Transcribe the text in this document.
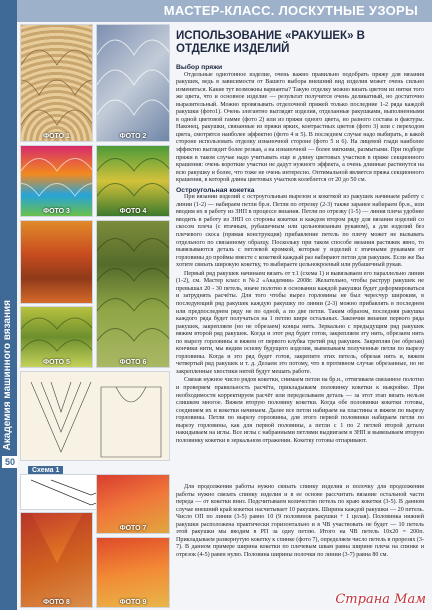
МАСТЕР-КЛАСС. ЛОСКУТНЫЕ УЗОРЫ
Академия машинного вязания
50
ФОТО 1	ФОТО 2
ФОТО 3	ФОТО 4
ФОТО 5	ФОТО 6
Схема 1
ФОТО 7
ФОТО 8	ФОТО 9
ИСПОЛЬЗОВАНИЕ «РАКУШЕК» В ОТДЕЛКЕ ИЗДЕЛИЙ
Выбор пряжи

Отдельные однотонное изделие, очень важно правильно подобрать пряжу для вязания ракушек, ведь в зависимости от Вашего выбора внешний вид изделия может очень сильно измениться. Какие тут возможны варианты? Такую отделку можно вязать цветом из нитки того же цвета, что и основное изделие — результат получится очень деликатный, но достаточно выразительный. Можно провязывать отделочной пряжей только последние 1-2 ряда каждой ракушки (фото1). Очень элегантно выглядят изделия, отделанные ракушками, выполненными в одной цветовой гамме (фото 2) или из пряжи одного цвета, но разного состава и фактуры. Наконец, ракушки, связанные из пряжи ярких, контрастных цветов (фото 3) или с переходом цвета, смотрятся наиболее эффектно (фото 4 и 5). В последнем случае надо выбирать, в какой стороне использовать отделку изнаночной стороне (фото 5 и 6). На лицевой глади наиболее эффектно выглядит более резкая, а на изнаночной — более мягкими, размытыми. При подборе пряжи в таком случае надо учитывать еще и длину цветовых участков в пряже секционного крашения: очень короткие участки не дадут нужного эффекта, а очень длинные растянутся на всю ракушку и более, что тоже не очень интересно. Оптимальной является пряжа секционного крашения, в которой длина цветовых участков колеблется от 20 до 50 см.

Остроугольная кокетка

При вязании изделий с остроугольным вырезом и кокеткой из ракушек начинаем работу с линии (1-2) — набираем петли бр.н. Петли по отрезку (2-3) также заранее набираем бр.н., или вводим их в работу из ЗНП в процессе вязания. Петли по отрезку (1-5) — линия плеча удобнее вводить в работу из ЗНП со стороны кокетки и каждом втором ряду для вязания изделий со скосом плеча (с втачным, рубашечным или цельновязаным рукавом), а для изделий без плечевого скоса (прямая конструкция) прибавление петель по плечу может не вызывать отдельного по связанному образцу. Поскольку при таком способе вязания растяжек явно, то вывязываются деталь с петлевой кромкой, которые у изделий с втачными рукавами от горловины до проймы вместе с кокеткой каждый раз набирают петли для ракушек. Если же Вы хотите связать широкую кокетку, то выбираете цельнокроеный или рубашечный рукав.

Первый ряд ракушек начинаем вязать от т.1 (схема 1) и вывязываем его параллельно линии (1-2), см. Мастер класс в №2 «Академия» 2008г. Желательно, чтобы раструр ракушек не превышал 20 - 30 петель, иначе полотно в основании каждой ракушки будет деформироваться и затруднять расчёты. Для того чтобы вырез горловины не был чересчур широким, в последующий ряд ракушек каждую ракушку по линии (2-3) можно прибавлять в последнем или предпоследнем ряду не по одной, а по две петли. Таким образом, последняя ракушка каждого ряда будет получаться на 1 петлю шире остальных. Закончив вязание первого ряда ракушек, закрепляем (но не обрезаем) концы нить. Зеркально с предыдущим ряд ракушек вяжем второй ряд ракушек. Когда и этот ряд будет готов, закрепляем эту нить, обрезаем нить по вырезу горловины и вяжем от первого клубка третий ряд ракушек. Закрепляя (не обрезая) кончики нити, мы видим основу будущего изделия, вывязываем полученные петли по вырезу горловины. Когда и это ряд будет готов, закрепите этих петель, обрезая нить и, вяжем четвертый ряд ракушек и т. д. Делаем это потому, что в противном случае обрезанные, но не закрепленные хвостики нитей будут мешать работе.

Связав нужное число рядов кокетки, снимаем петли на бр.н., оттягиваем связанное полотно и проверяем правильность расчёта, прикладываем половинку кокетки к выкройке. При необходимости корректируем расчёт или переделываем деталь — за этот этап вязать нельзя слишком многое. Вяжем вторую половину кокетки. Когда обе половинки кокетки готовы, соединяем их и кокетки начинаем. Далее все петли набираем на пластины и вяжем по вырезу горловины. Петли по вырезу горловины, для этого первой половинки набираем петли по вырезу горловины, как для первой половины, а петли с 1 по 2 петлей второй детали накидываем на иглы. Все иглы с набранными петлями выдвигаем в ЗНП и вывязываем вторую половинку кокетки в зеркальном отражении. Кокетку готовы отпаривают.

Для продолжения работы нужно связать спинку изделия и полочку для продолжения работы нужно связать спинку изделия и в ее основе рассчитать вязание остальной части переда — от кокетки вниз. Подсчитываем количество петель по краю кокетки (3-5). В данном случае внешний край кокетки насчитывает 10 ракушек. Ширина каждой ракушки — 20 петель. Число ОП по линии (3-5) равно 10 (9 половинок ракушки + 1 целая). Половинка нижней ракушки расположена практически горизонтально и в ЧВ участвовать не будет — 10 петель этой ракушки мы вводим в РП за одну петлю. Итого на ЧВ петель 10х20 = 200п. Прикладываем развернутую кокетку к спинке (фото 7), определяем число петель в прорезях (3-7). В данном примере ширина кокетки по плечевым швам равна ширине плеча на спинке и отрезок (4-5) равен нулю. Половина ширины полочки по линии (3-7) равна 80 см.

Страна Мам
